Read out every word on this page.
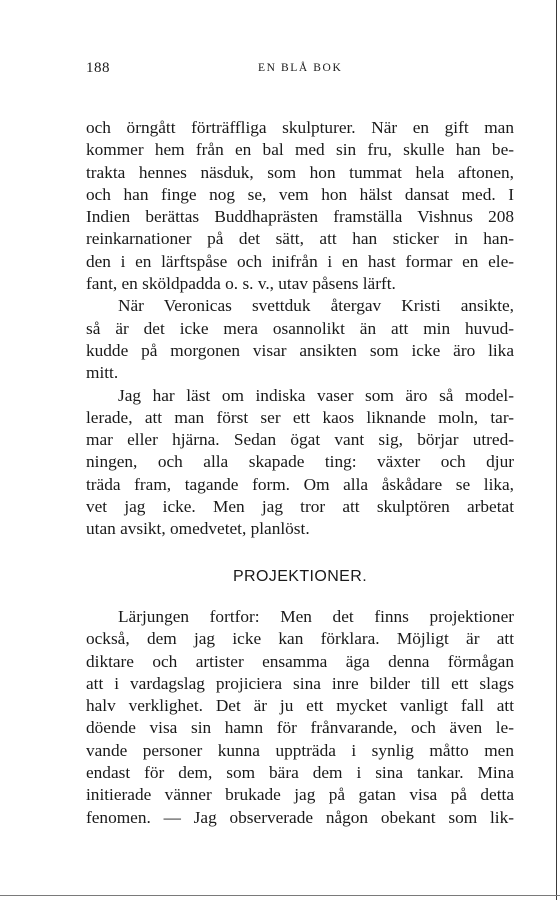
188	EN BLÅ BOK
och örngått förträffliga skulpturer. När en gift man
kommer hem från en bal med sin fru, skulle han be-
trakta hennes näsduk, som hon tummat hela aftonen,
och han finge nog se, vem hon hälst dansat med. I
Indien berättas Buddhaprästen framställa Vishnus 208
reinkarnationer på det sätt, att han sticker in han-
den i en lärftspåse och inifrån i en hast formar en ele-
fant, en sköldpadda o. s. v., utav påsens lärft.
När Veronicas svettduk återgav Kristi ansikte,
så är det icke mera osannolikt än att min huvud-
kudde på morgonen visar ansikten som icke äro lika
mitt.
Jag har läst om indiska vaser som äro så model-
lerade, att man först ser ett kaos liknande moln, tar-
mar eller hjärna. Sedan ögat vant sig, börjar utred-
ningen, och alla skapade ting: växter och djur
träda fram, tagande form. Om alla åskådare se lika,
vet jag icke. Men jag tror att skulptören arbetat
utan avsikt, omedvetet, planlöst.
PROJEKTIONER.
Lärjungen fortfor: Men det finns projektioner
också, dem jag icke kan förklara. Möjligt är att
diktare och artister ensamma äga denna förmågan
att i vardagslag projiciera sina inre bilder till ett slags
halv verklighet. Det är ju ett mycket vanligt fall att
döende visa sin hamn för frånvarande, och även le-
vande personer kunna uppträda i synlig måtto men
endast för dem, som bära dem i sina tankar. Mina
initierade vänner brukade jag på gatan visa på detta
fenomen. — Jag observerade någon obekant som lik-
